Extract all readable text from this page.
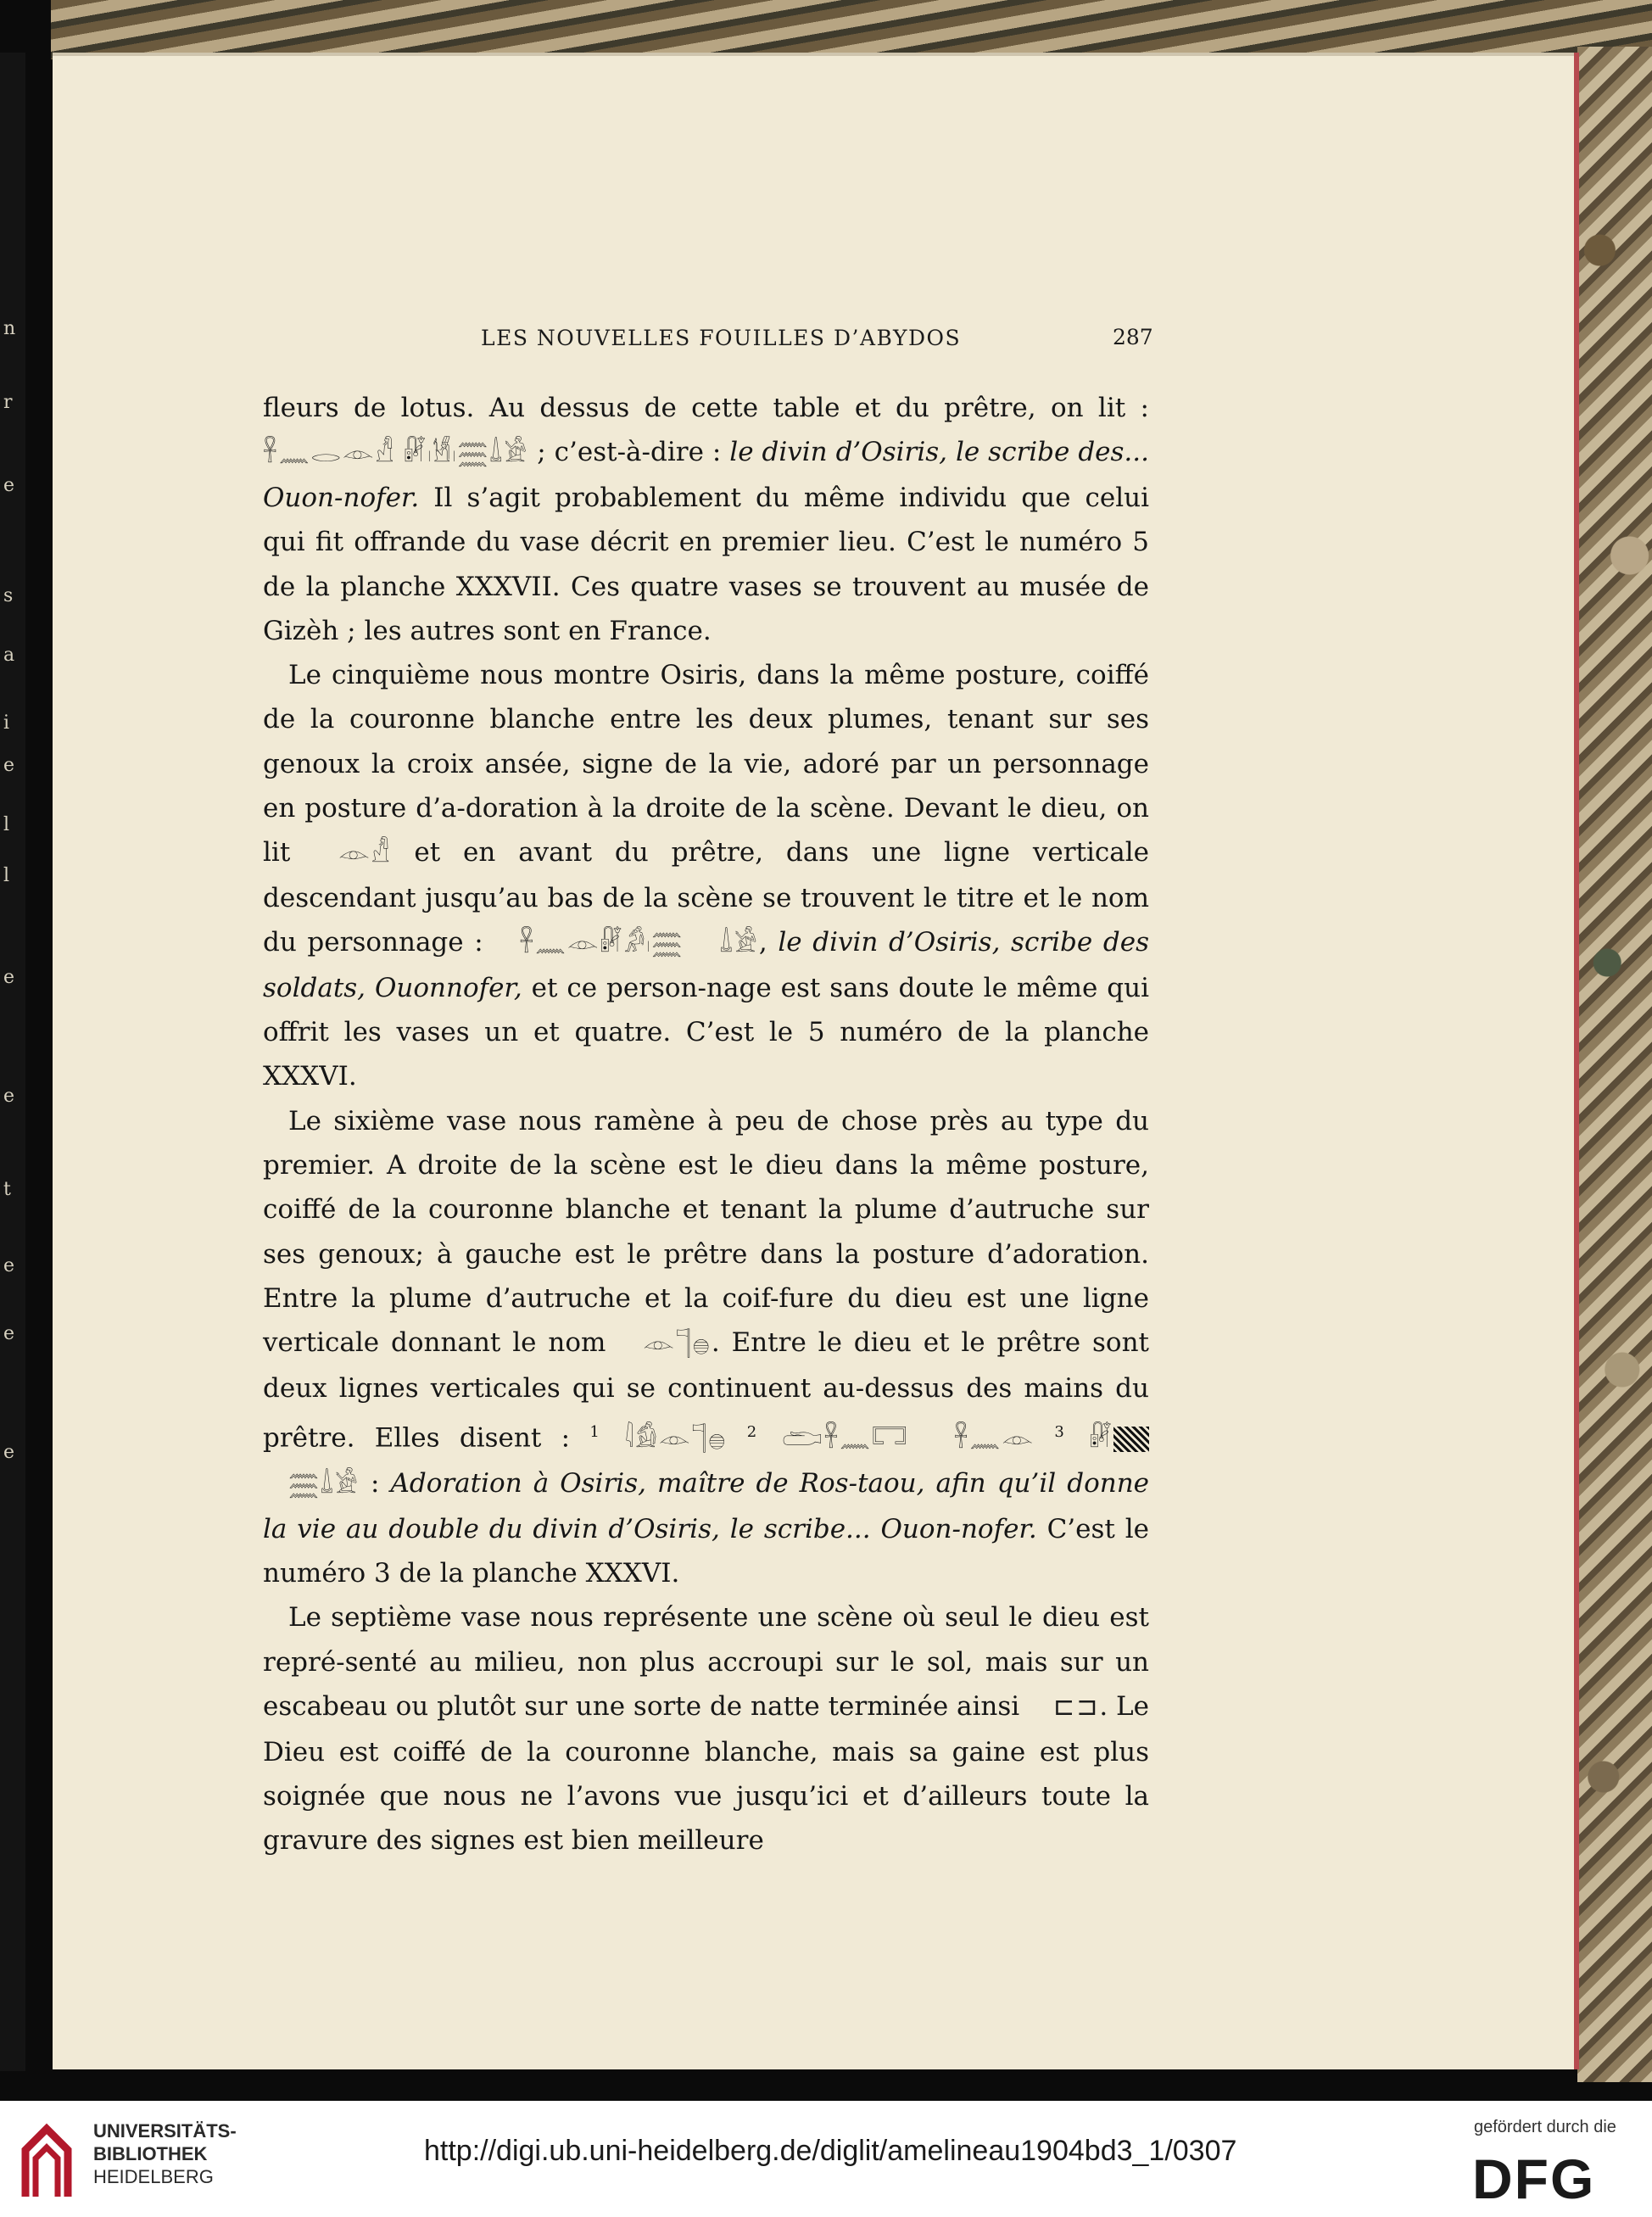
n
r
e
s
a
i
e
l
l
e
e
t
e
e
e
LES NOUVELLES FOUILLES D’ABYDOS	287

fleurs de lotus. Au dessus de cette table et du prêtre, on lit : 𓋹𓈖𓂋𓁹𓀭 𓏞𓏺𓁩𓏺𓈗𓍑𓀀 ; c’est-à-dire : le divin d’Osiris, le scribe des... Ouon-nofer. Il s’agit probablement du même individu que celui qui fit offrande du vase décrit en premier lieu. C’est le numéro 5 de la planche XXXVII. Ces quatre vases se trouvent au musée de Gizèh ; les autres sont en France.

Le cinquième nous montre Osiris, dans la même posture, coiffé de la couronne blanche entre les deux plumes, tenant sur ses genoux la croix ansée, signe de la vie, adoré par un personnage en posture d’a-doration à la droite de la scène. Devant le dieu, on lit 𓁹𓀭 et en avant du prêtre, dans une ligne verticale descendant jusqu’au bas de la scène se trouvent le titre et le nom du personnage : 𓋹𓈖𓁹𓏞𓀔𓏺𓈗 𓍑𓀀, le divin d’Osiris, scribe des soldats, Ouonnofer, et ce person-nage est sans doute le même qui offrit les vases un et quatre. C’est le 5 numéro de la planche XXXVI.

Le sixième vase nous ramène à peu de chose près au type du premier. A droite de la scène est le dieu dans la même posture, coiffé de la couronne blanche et tenant la plume d’autruche sur ses genoux; à gauche est le prêtre dans la posture d’adoration. Entre la plume d’autruche et la coif-fure du dieu est une ligne verticale donnant le nom 𓁹𓊹𓐍. Entre le dieu et le prêtre sont deux lignes verticales qui se continuent au-dessus des mains du prêtre. Elles disent : $^1$ 𓇋𓀁𓁹𓊹𓐍 $^2$ 𓂧𓋹𓈖𓉐 𓋹𓈖𓁹 $^3$ 𓏞𓈗𓍑𓀀 : Adoration à Osiris, maître de Ros-taou, afin qu’il donne la vie au double du divin d’Osiris, le scribe... Ouon-nofer. C’est le numéro 3 de la planche XXXVI.

Le septième vase nous représente une scène où seul le dieu est repré-senté au milieu, non plus accroupi sur le sol, mais sur un escabeau ou plutôt sur une sorte de natte terminée ainsi ⊏⊐. Le Dieu est coiffé de la couronne blanche, mais sa gaine est plus soignée que nous ne l’avons vue jusqu’ici et d’ailleurs toute la gravure des signes est bien meilleure

UNIVERSITÄTS-
BIBLIOTHEK
HEIDELBERG
http://digi.ub.uni-heidelberg.de/diglit/amelineau1904bd3_1/0307
gefördert durch die
DFG
